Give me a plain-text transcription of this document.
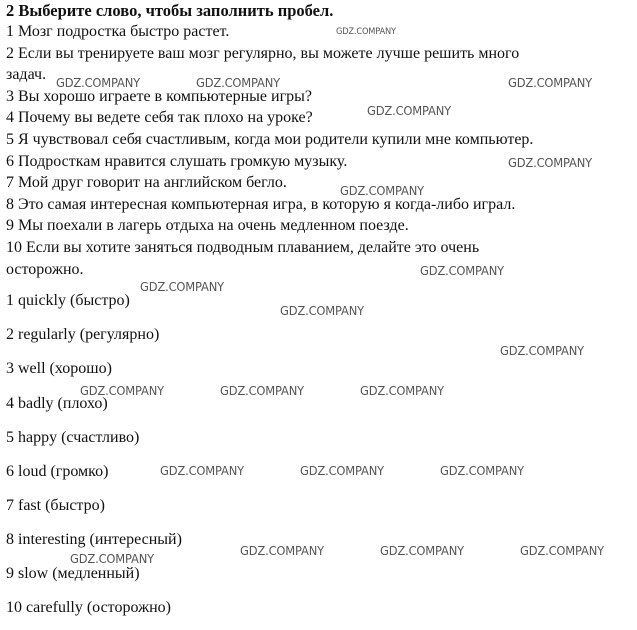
2 Выберите слово, чтобы заполнить пробел.
1 Мозг подростка быстро растет.
2 Если вы тренируете ваш мозг регулярно, вы можете лучше решить много
задач.
3 Вы хорошо играете в компьютерные игры?
4 Почему вы ведете себя так плохо на уроке?
5 Я чувствовал себя счастливым, когда мои родители купили мне компьютер.
6 Подросткам нравится слушать громкую музыку.
7 Мой друг говорит на английском бегло.
8 Это самая интересная компьютерная игра, в которую я когда-либо играл.
9 Мы поехали в лагерь отдыха на очень медленном поезде.
10 Если вы хотите заняться подводным плаванием, делайте это очень
осторожно.
1 quickly (быстро)
2 regularly (регулярно)
3 well (хорошо)
4 badly (плохо)
5 happy (счастливо)
6 loud (громко)
7 fast (быстро)
8 interesting (интересный)
9 slow (медленный)
10 carefully (осторожно)
GDZ.COMPANY
GDZ.COMPANY	GDZ.COMPANY	GDZ.COMPANY
GDZ.COMPANY
GDZ.COMPANY
GDZ.COMPANY
GDZ.COMPANY
GDZ.COMPANY
GDZ.COMPANY
GDZ.COMPANY
GDZ.COMPANY	GDZ.COMPANY	GDZ.COMPANY
GDZ.COMPANY	GDZ.COMPANY	GDZ.COMPANY
GDZ.COMPANY	GDZ.COMPANY	GDZ.COMPANY
GDZ.COMPANY
